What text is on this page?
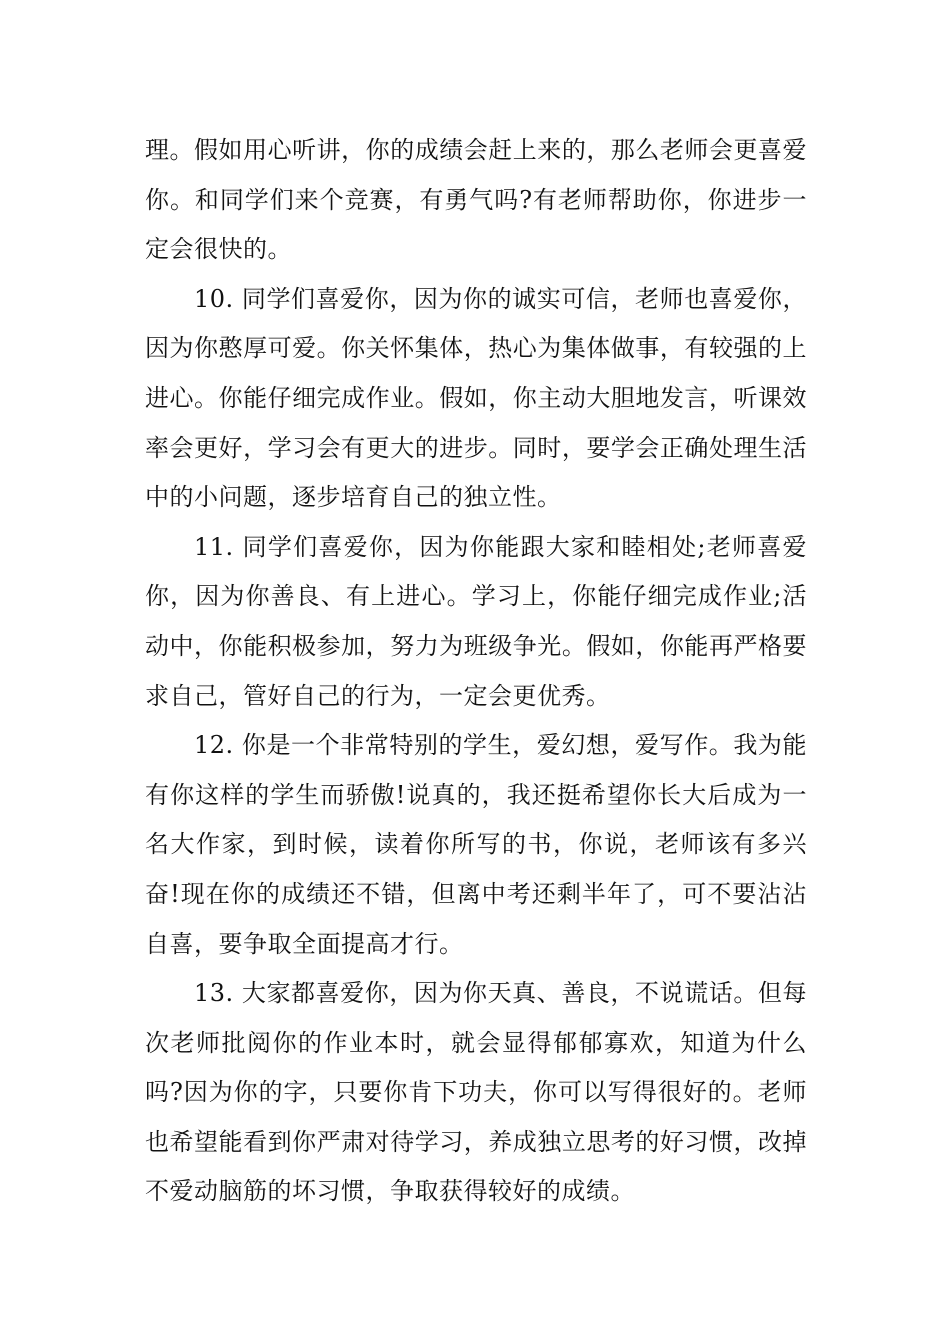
理。假如用心听讲，你的成绩会赶上来的，那么老师会更喜爱你。和同学们来个竞赛，有勇气吗?有老师帮助你，你进步一定会很快的。

10. 同学们喜爱你，因为你的诚实可信，老师也喜爱你，因为你憨厚可爱。你关怀集体，热心为集体做事，有较强的上进心。你能仔细完成作业。假如，你主动大胆地发言，听课效率会更好，学习会有更大的进步。同时，要学会正确处理生活中的小问题，逐步培育自己的独立性。

11. 同学们喜爱你，因为你能跟大家和睦相处;老师喜爱你，因为你善良、有上进心。学习上，你能仔细完成作业;活动中，你能积极参加，努力为班级争光。假如，你能再严格要求自己，管好自己的行为，一定会更优秀。

12. 你是一个非常特别的学生，爱幻想，爱写作。我为能有你这样的学生而骄傲!说真的，我还挺希望你长大后成为一名大作家，到时候，读着你所写的书，你说，老师该有多兴奋!现在你的成绩还不错，但离中考还剩半年了，可不要沾沾自喜，要争取全面提高才行。

13. 大家都喜爱你，因为你天真、善良，不说谎话。但每次老师批阅你的作业本时，就会显得郁郁寡欢，知道为什么吗?因为你的字，只要你肯下功夫，你可以写得很好的。老师也希望能看到你严肃对待学习，养成独立思考的好习惯，改掉不爱动脑筋的坏习惯，争取获得较好的成绩。
